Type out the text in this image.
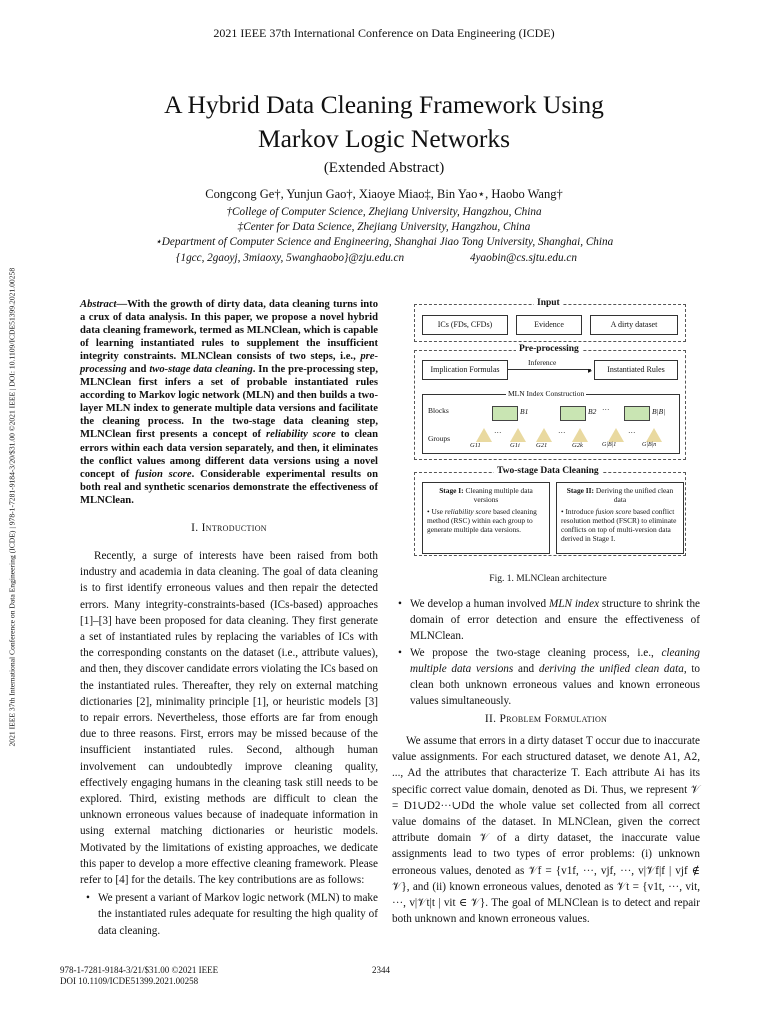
2021 IEEE 37th International Conference on Data Engineering (ICDE)
A Hybrid Data Cleaning Framework Using
Markov Logic Networks
(Extended Abstract)
Congcong Ge†, Yunjun Gao†, Xiaoye Miao‡, Bin Yao⋆, Haobo Wang†
†College of Computer Science, Zhejiang University, Hangzhou, China
‡Center for Data Science, Zhejiang University, Hangzhou, China
⋆Department of Computer Science and Engineering, Shanghai Jiao Tong University, Shanghai, China
{1gcc, 2gaoyj, 3miaoxy, 5wanghaobo}@zju.edu.cn	4yaobin@cs.sjtu.edu.cn
2021 IEEE 37th International Conference on Data Engineering (ICDE) | 978-1-7281-9184-3/20/$31.00 ©2021 IEEE | DOI: 10.1109/ICDE51399.2021.00258	Abstract—With the growth of dirty data, data cleaning turns into a crux of data analysis. In this paper, we propose a novel hybrid data cleaning framework, termed as MLNClean, which is capable of learning instantiated rules to supplement the insufficient integrity constraints. MLNClean consists of two steps, i.e., pre-processing and two-stage data cleaning. In the pre-processing step, MLNClean first infers a set of probable instantiated rules according to Markov logic network (MLN) and then builds a two-layer MLN index to generate multiple data versions and facilitate the cleaning process. In the two-stage data cleaning step, MLNClean first presents a concept of reliability score to clean errors within each data version separately, and then, it eliminates the conflict values among different data versions using a novel concept of fusion score. Considerable experimental results on both real and synthetic scenarios demonstrate the effectiveness of MLNClean.
I. Introduction

Recently, a surge of interests have been raised from both industry and academia in data cleaning. The goal of data cleaning is to first identify erroneous values and then repair the detected errors. Many integrity-constraints-based (ICs-based) approaches [1]–[3] have been proposed for data cleaning. They first generate a set of instantiated rules by replacing the variables of ICs with the corresponding constants on the dataset (i.e., attribute values), and then, they discover candidate errors violating the ICs based on the instantiated rules. Thereafter, they rely on external matching dictionaries [2], minimality principle [1], or heuristic models [3] to repair errors. Nevertheless, those efforts are far from enough due to three reasons. First, errors may be missed because of the insufficient instantiated rules. Second, although human involvement can undoubtedly improve cleaning quality, effectively engaging humans in the cleaning task still needs to be explored. Third, existing methods are difficult to clean the unknown erroneous values because of inadequate information in using external matching dictionaries or heuristic models. Motivated by the limitations of existing approaches, we dedicate this paper to develop a more effective cleaning framework. Please refer to [4] for the details. The key contributions are as follows:

• We present a variant of Markov logic network (MLN) to make the instantiated rules adequate for resulting the high quality of data cleaning.
Input
ICs (FDs, CFDs)	Evidence	A dirty dataset
Pre-processing
Implication Formulas
Inference
▸	Instantiated Rules
MLN Index Construction
Blocks
Groups
B1	B2 ···	B|B|
···	···	···
G11	G1i	G21	G2k	G|B|1	G|B|n
Two-stage Data Cleaning
Stage I: Cleaning multiple data versions
• Use reliability score based cleaning method (RSC) within each group to generate multiple data versions.
Stage II: Deriving the unified clean data
• Introduce fusion score based conflict resolution method (FSCR) to eliminate conflicts on top of multi-version data derived in Stage I.
Fig. 1. MLNClean architecture
• We develop a human involved MLN index structure to shrink the domain of error detection and ensure the effectiveness of MLNClean.
• We propose the two-stage cleaning process, i.e., cleaning multiple data versions and deriving the unified clean data, to clean both unknown erroneous values and known erroneous values simultaneously.
II. Problem Formulation

We assume that errors in a dirty dataset T occur due to inaccurate value assignments. For each structured dataset, we denote A1, A2, ..., Ad the attributes that characterize T. Each attribute Ai has its specific correct value domain, denoted as Di. Thus, we represent 𝒱 = D1∪D2···∪Dd the whole value set collected from all correct value domains of the dataset. In MLNClean, given the correct attribute domain 𝒱 of a dirty dataset, the inaccurate value assignments lead to two types of error problems: (i) unknown erroneous values, denoted as 𝒱f = {v1f, ···, vjf, ···, v|𝒱f|f | vjf ∉ 𝒱}, and (ii) known erroneous values, denoted as 𝒱t = {v1t, ···, vit, ···, v|𝒱t|t | vit ∈ 𝒱}. The goal of MLNClean is to detect and repair both unknown and known erroneous values.

978-1-7281-9184-3/21/$31.00 ©2021 IEEE
DOI 10.1109/ICDE51399.2021.00258
2344
